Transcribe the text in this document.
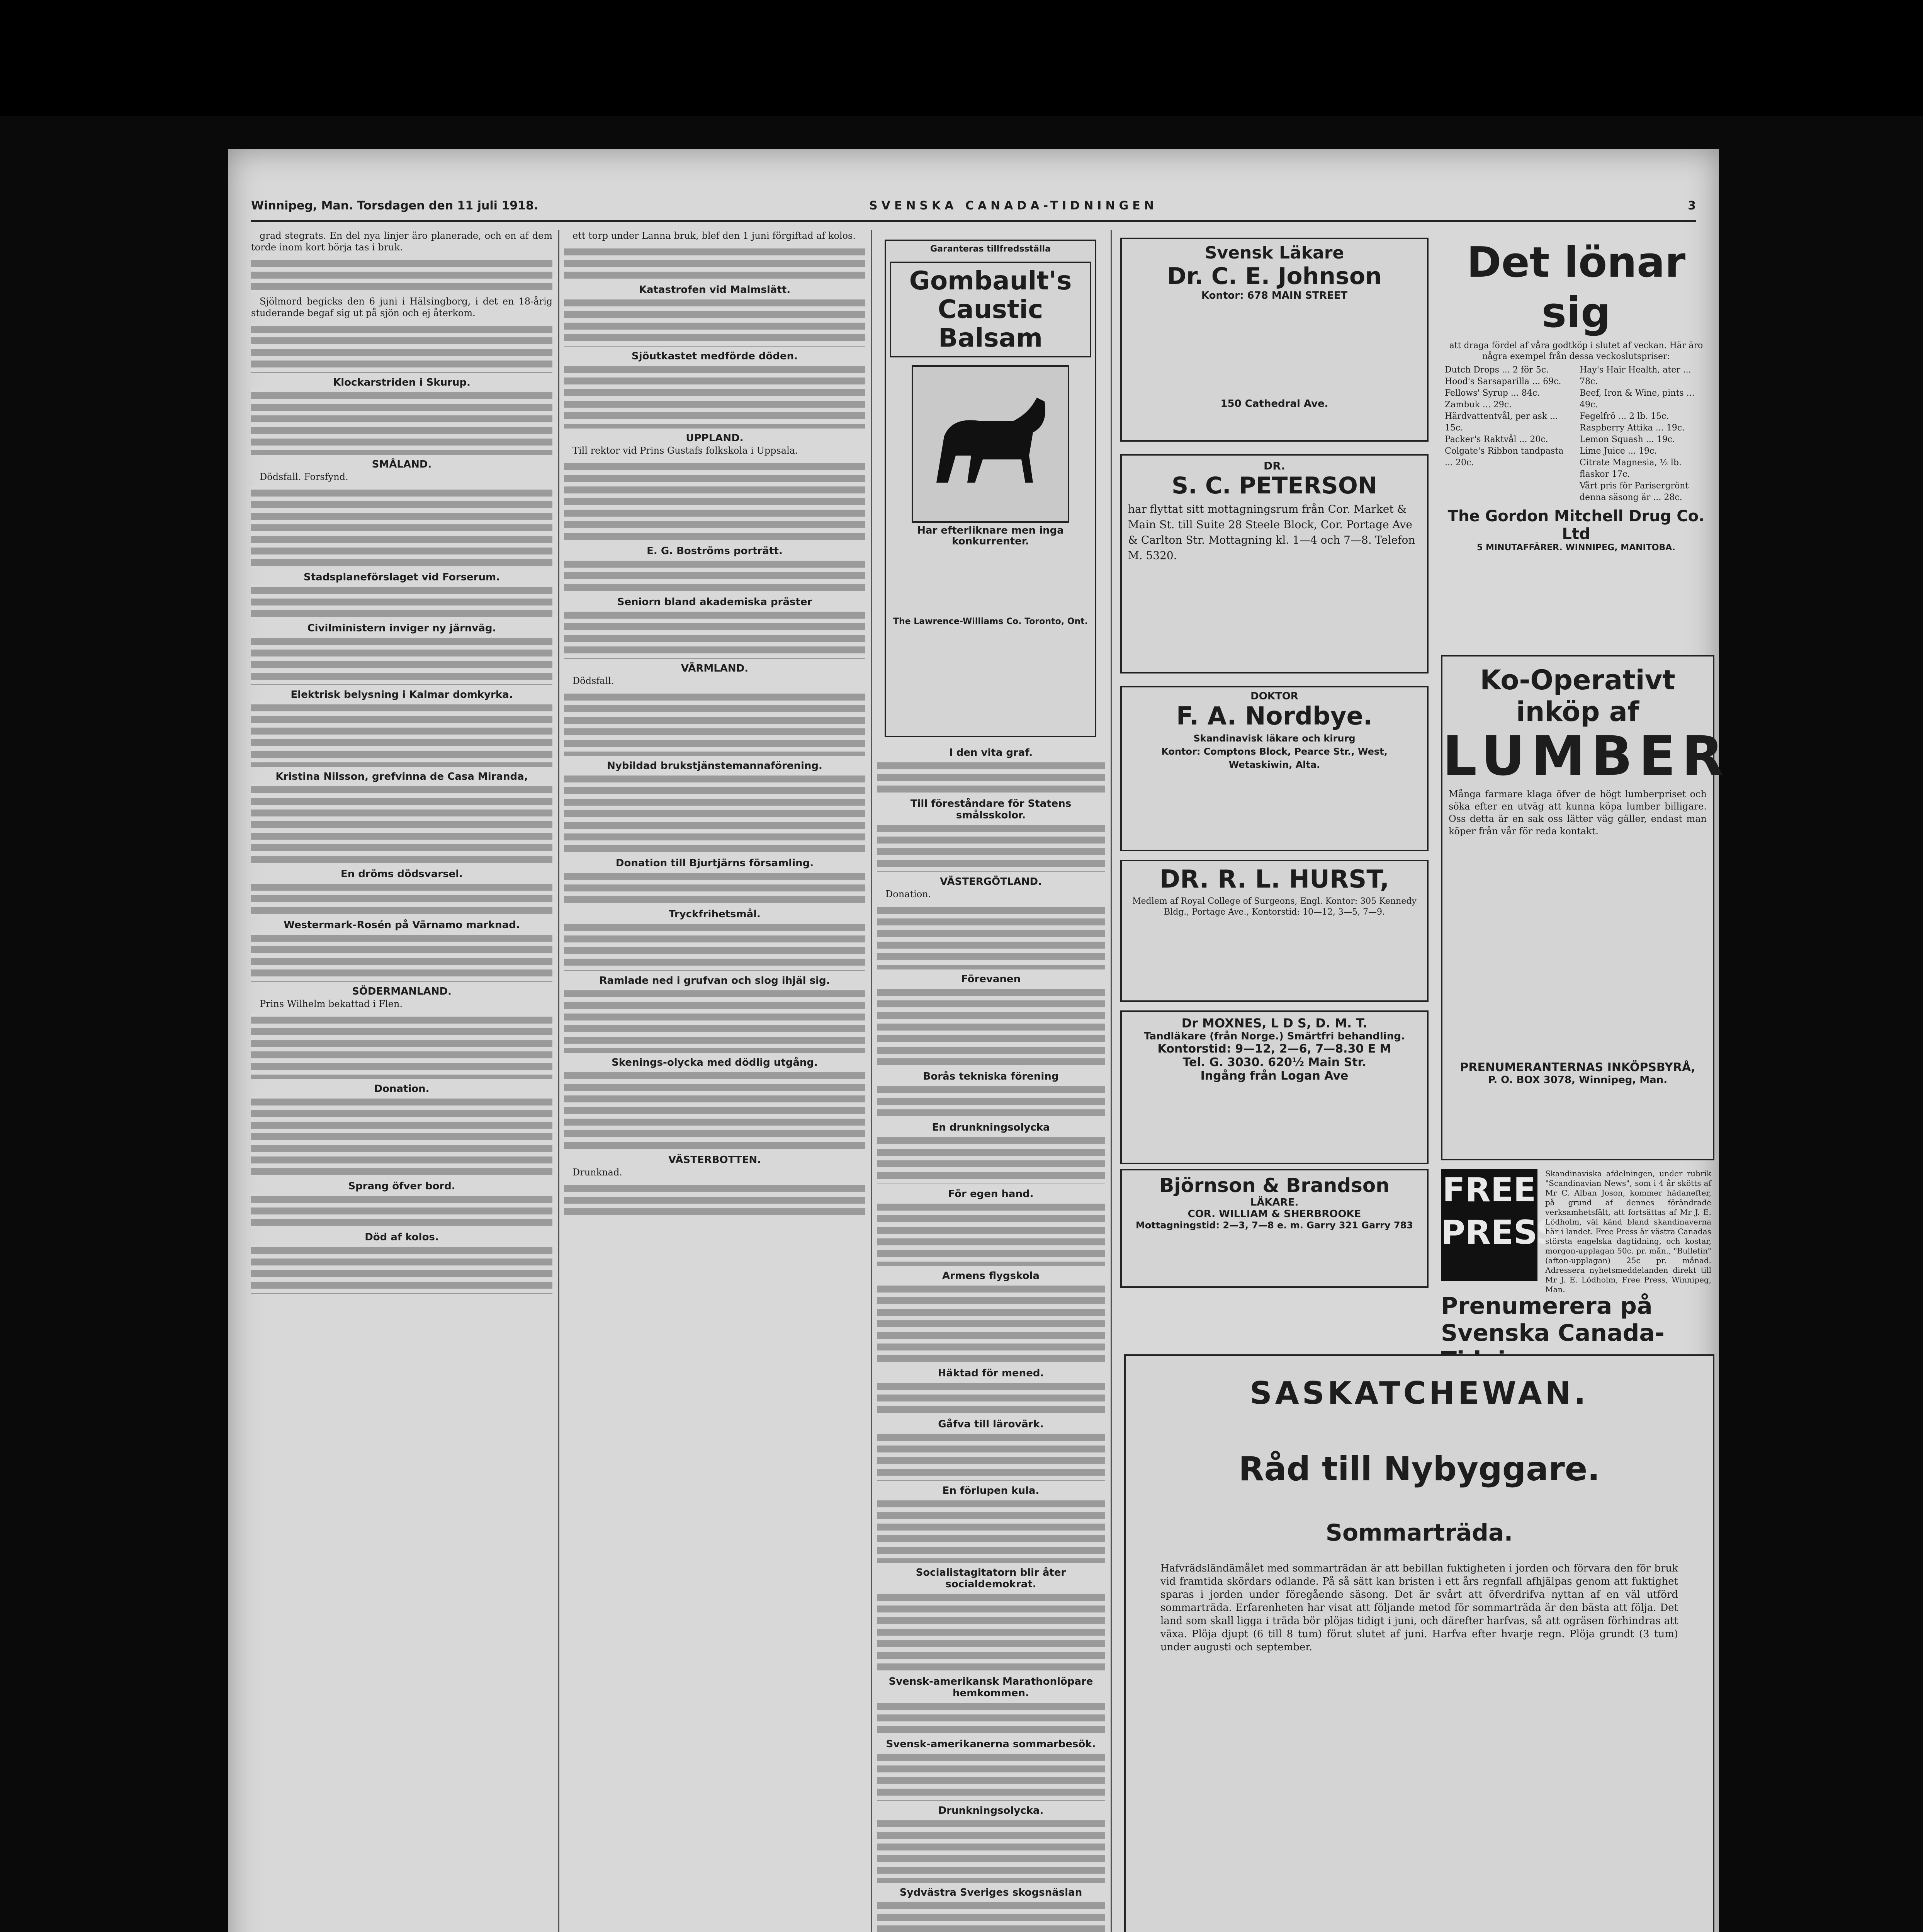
Winnipeg, Man. Torsdagen den 11 juli 1918.	SVENSKA CANADA-TIDNINGEN	3

grad stegrats. En del nya linjer äro planerade, och en af dem torde inom kort börja tas i bruk.

Sjölmord begicks den 6 juni i Hälsingborg, i det en 18-årig studerande begaf sig ut på sjön och ej återkom.

Klockarstriden i Skurup.

SMÅLAND.

Dödsfall. Forsfynd.

Stadsplaneförslaget vid Forserum.

Civilministern inviger ny järnväg.

Elektrisk belysning i Kalmar domkyrka.

Kristina Nilsson, grefvinna de Casa Miranda,

En dröms dödsvarsel.

Westermark-Rosén på Värnamo marknad.

SÖDERMANLAND.

Prins Wilhelm bekattad i Flen.

Donation.

Sprang öfver bord.

Död af kolos.

ett torp under Lanna bruk, blef den 1 juni förgiftad af kolos.

Katastrofen vid Malmslätt.

Sjöutkastet medförde döden.

UPPLAND.

Till rektor vid Prins Gustafs folkskola i Uppsala.

E. G. Boströms porträtt.

Seniorn bland akademiska präster

VÄRMLAND.

Dödsfall.

Nybildad brukstjänstemannaförening.

Donation till Bjurtjärns församling.

Tryckfrihetsmål.

Ramlade ned i grufvan och slog ihjäl sig.

Skenings-olycka med dödlig utgång.

VÄSTERBOTTEN.

Drunknad.

I den vita graf.

Till föreståndare för Statens smålsskolor.

VÄSTERGÖTLAND.

Donation.

Förevanen

Borås tekniska förening

En drunkningsolycka

För egen hand.

Armens flygskola

Häktad för mened.

Gåfva till lärovärk.

En förlupen kula.

Socialistagitatorn blir åter socialdemokrat.

Svensk-amerikansk Marathonlöpare hemkommen.

Svensk-amerikanerna sommarbesök.

Drunkningsolycka.

Sydvästra Sveriges skogsnäslan

Garanteras tillfredsställa
Gombault's Caustic Balsam

Har efterliknare men inga konkurrenter.

The Lawrence-Williams Co. Toronto, Ont.

Svensk Läkare
Dr. C. E. Johnson
Kontor: 678 MAIN STREET
150 Cathedral Ave.
DR.
S. C. PETERSON

har flyttat sitt mottagningsrum från Cor. Market & Main St. till Suite 28 Steele Block, Cor. Portage Ave & Carlton Str. Mottagning kl. 1—4 och 7—8. Telefon M. 5320.

DOKTOR
F. A. Nordbye.

Skandinavisk läkare och kirurg

Kontor: Comptons Block, Pearce Str., West,

Wetaskiwin, Alta.

DR. R. L. HURST,

Medlem af Royal College of Surgeons, Engl. Kontor: 305 Kennedy Bldg., Portage Ave., Kontorstid: 10—12, 3—5, 7—9.

Dr MOXNES, L D S, D. M. T.
Tandläkare (från Norge.) Smärtfri behandling.
Kontorstid: 9—12, 2—6, 7—8.30 E M
Tel. G. 3030. 620½ Main Str.
Ingång från Logan Ave
Björnson & Brandson
LÄKARE.
COR. WILLIAM & SHERBROOKE
Mottagningstid: 2—3, 7—8 e. m. Garry 321 Garry 783
Det lönar sig

att draga fördel af våra godtköp i slutet af veckan. Här äro några exempel från dessa veckoslutspriser:

Dutch Drops ... 2 för 5c.
Hood's Sarsaparilla ... 69c.
Fellows' Syrup ... 84c.
Zambuk ... 29c.
Härdvattentvål, per ask ... 15c.
Packer's Raktvål ... 20c.
Colgate's Ribbon tandpasta ... 20c.
Hay's Hair Health, ater ... 78c.
Beef, Iron & Wine, pints ... 49c.
Fegelfrö ... 2 lb. 15c.
Raspberry Attika ... 19c.
Lemon Squash ... 19c.
Lime Juice ... 19c.
Citrate Magnesia, ½ lb. flaskor 17c.
Vårt pris för Parisergrönt denna säsong är ... 28c.
The Gordon Mitchell Drug Co. Ltd
5 MINUTAFFÄRER. WINNIPEG, MANITOBA.
Ko-Operativt inköp af
LUMBER

Många farmare klaga öfver de högt lumberpriset och söka efter en utväg att kunna köpa lumber billigare. Oss detta är en sak oss lätter väg gäller, endast man köper från vår för reda kontakt.

PRENUMERANTERNAS INKÖPSBYRÅ,
P. O. BOX 3078, Winnipeg, Man.
FREE
PRESS
Skandinaviska afdelningen, under rubrik "Scandinavian News", som i 4 år skötts af Mr C. Alban Joson, kommer hädanefter, på grund af dennes förändrade verksamhetsfält, att fortsättas af Mr J. E. Lödholm, väl känd bland skandinaverna här i landet. Free Press är västra Canadas största engelska dagtidning, och kostar, morgon-upplagan 50c. pr. mån., "Bulletin" (afton-upplagan) 25c pr. månad. Adressera nyhetsmeddelanden direkt till Mr J. E. Lödholm, Free Press, Winnipeg, Man.
Prenumerera på
Svenska Canada-
SASKATCHEWAN.
Råd till Nybyggare.
Sommarträda.
Hafvrädsländämålet med sommarträdan är att bebillan fuktigheten i jorden och förvara den för bruk vid framtida skördars odlande. På så sätt kan bristen i ett års regnfall afhjälpas genom att fuktighet sparas i jorden under föregående säsong. Det är svårt att öfverdrifva nyttan af en väl utförd sommarträda. Erfarenheten har visat att följande metod för sommarträda är den bästa att följa. Det land som skall ligga i träda bör plöjas tidigt i juni, och därefter harfvas, så att ogräsen förhindras att växa. Plöja djupt (6 till 8 tum) förut slutet af juni. Harfva efter hvarje regn. Plöja grundt (3 tum) under augusti och september.
